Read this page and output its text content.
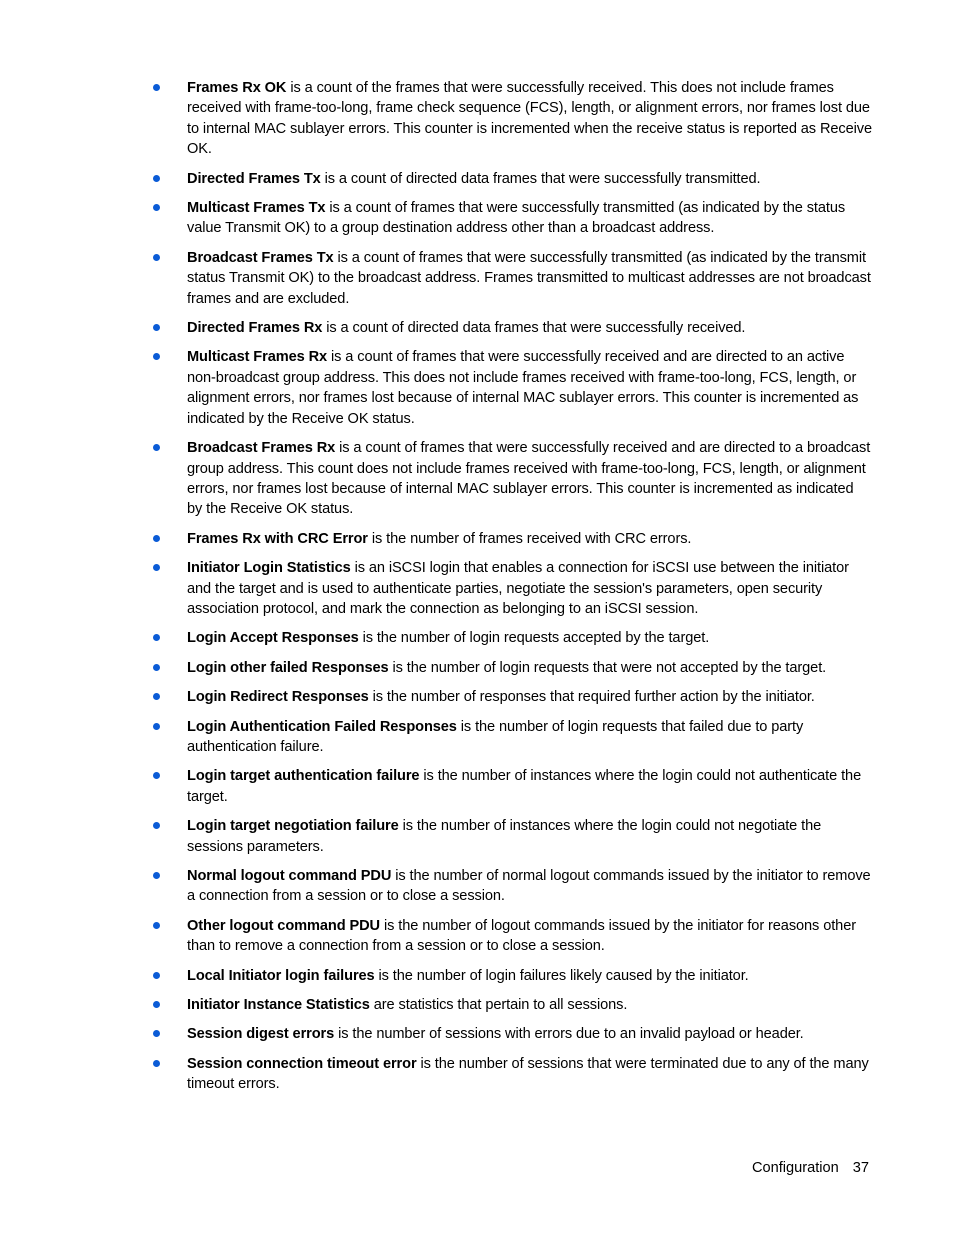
Frames Rx OK is a count of the frames that were successfully received. This does not include frames received with frame-too-long, frame check sequence (FCS), length, or alignment errors, nor frames lost due to internal MAC sublayer errors. This counter is incremented when the receive status is reported as Receive OK.
Directed Frames Tx is a count of directed data frames that were successfully transmitted.
Multicast Frames Tx is a count of frames that were successfully transmitted (as indicated by the status value Transmit OK) to a group destination address other than a broadcast address.
Broadcast Frames Tx is a count of frames that were successfully transmitted (as indicated by the transmit status Transmit OK) to the broadcast address. Frames transmitted to multicast addresses are not broadcast frames and are excluded.
Directed Frames Rx is a count of directed data frames that were successfully received.
Multicast Frames Rx is a count of frames that were successfully received and are directed to an active non-broadcast group address. This does not include frames received with frame-too-long, FCS, length, or alignment errors, nor frames lost because of internal MAC sublayer errors. This counter is incremented as indicated by the Receive OK status.
Broadcast Frames Rx is a count of frames that were successfully received and are directed to a broadcast group address. This count does not include frames received with frame-too-long, FCS, length, or alignment errors, nor frames lost because of internal MAC sublayer errors. This counter is incremented as indicated by the Receive OK status.
Frames Rx with CRC Error is the number of frames received with CRC errors.
Initiator Login Statistics is an iSCSI login that enables a connection for iSCSI use between the initiator and the target and is used to authenticate parties, negotiate the session's parameters, open security association protocol, and mark the connection as belonging to an iSCSI session.
Login Accept Responses is the number of login requests accepted by the target.
Login other failed Responses is the number of login requests that were not accepted by the target.
Login Redirect Responses is the number of responses that required further action by the initiator.
Login Authentication Failed Responses is the number of login requests that failed due to party authentication failure.
Login target authentication failure is the number of instances where the login could not authenticate the target.
Login target negotiation failure is the number of instances where the login could not negotiate the sessions parameters.
Normal logout command PDU is the number of normal logout commands issued by the initiator to remove a connection from a session or to close a session.
Other logout command PDU is the number of logout commands issued by the initiator for reasons other than to remove a connection from a session or to close a session.
Local Initiator login failures is the number of login failures likely caused by the initiator.
Initiator Instance Statistics are statistics that pertain to all sessions.
Session digest errors is the number of sessions with errors due to an invalid payload or header.
Session connection timeout error is the number of sessions that were terminated due to any of the many timeout errors.
Configuration 37
